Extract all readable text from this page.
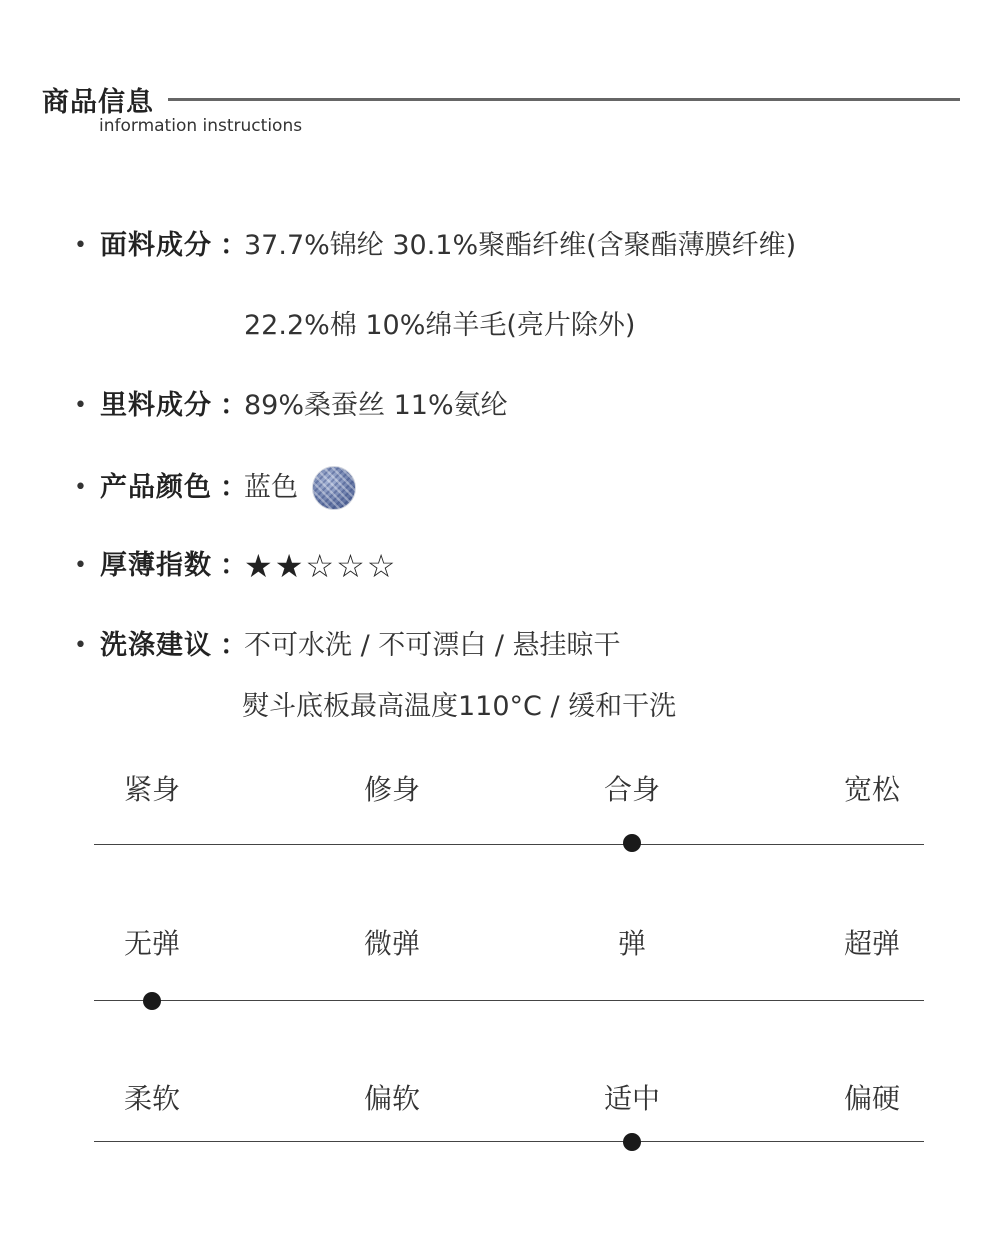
商品信息
information instructions
• 面料成分 ：
37.7%锦纶 30.1%聚酯纤维(含聚酯薄膜纤维)
22.2%棉 10%绵羊毛(亮片除外)
• 里料成分 ：
89%桑蚕丝 11%氨纶
• 产品颜色 ：
蓝色
• 厚薄指数 ：
★ ★ ☆ ☆ ☆
• 洗涤建议 ：
不可水洗 / 不可漂白 / 悬挂晾干
熨斗底板最高温度110°C / 缓和干洗
紧身	修身	合身	宽松
无弹	微弹	弹	超弹
柔软	偏软	适中	偏硬
